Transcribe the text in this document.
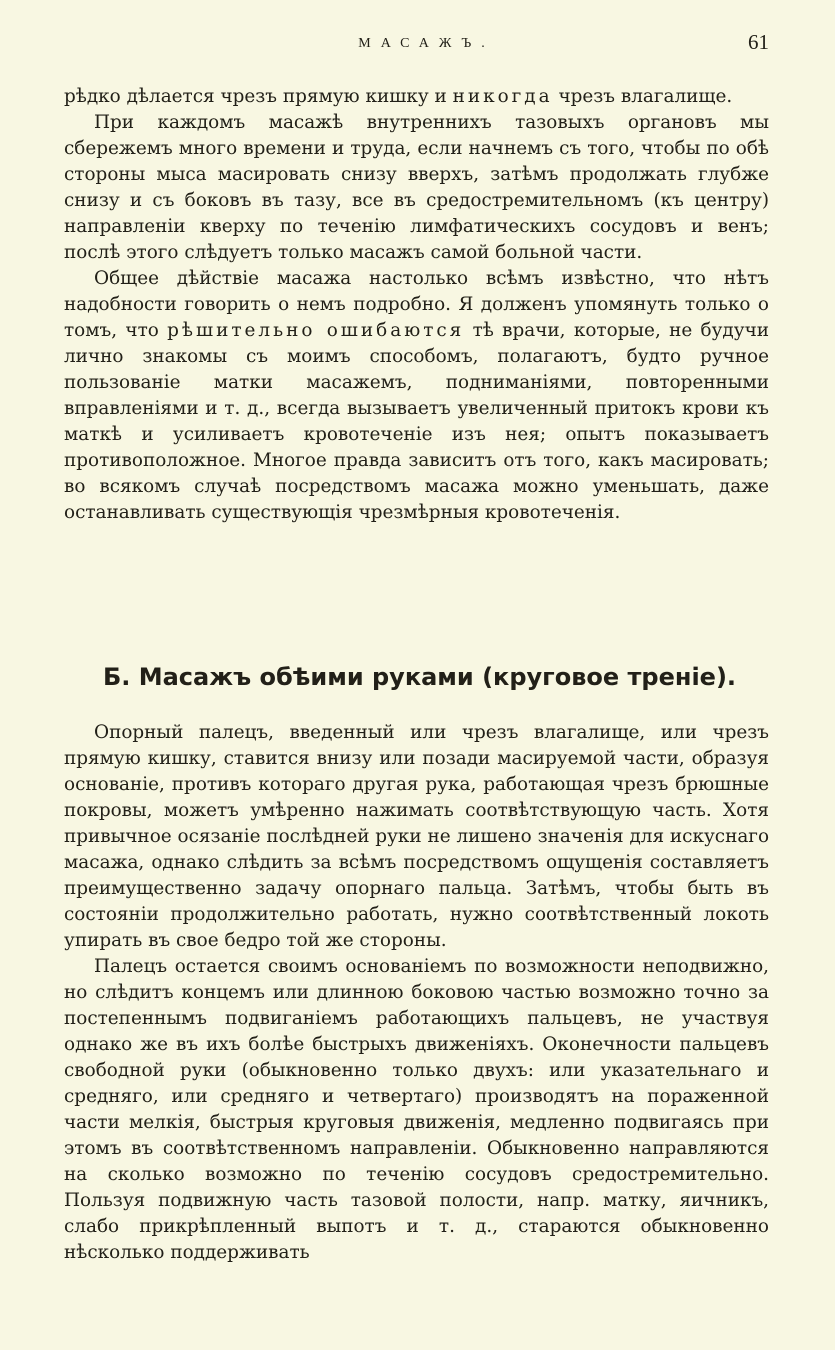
МАСАЖЪ.	61

рѣдко дѣлается чрезъ прямую кишку и никогда чрезъ влагалище.

При каждомъ масажѣ внутреннихъ тазовыхъ органовъ мы сбережемъ много времени и труда, если начнемъ съ того, чтобы по обѣ стороны мыса масировать снизу вверхъ, затѣмъ продолжать глубже снизу и съ боковъ въ тазу, все въ средостремительномъ (къ центру) направленіи кверху по теченію лимфатическихъ сосудовъ и венъ; послѣ этого слѣдуетъ только масажъ самой больной части.

Общее дѣйствіе масажа настолько всѣмъ извѣстно, что нѣтъ надобности говорить о немъ подробно. Я долженъ упомянуть только о томъ, что рѣшительно ошибаются тѣ врачи, которые, не будучи лично знакомы съ моимъ способомъ, полагаютъ, будто ручное пользованіе матки масажемъ, подниманіями, повторенными вправленіями и т. д., всегда вызываетъ увеличенный притокъ крови къ маткѣ и усиливаетъ кровотеченіе изъ нея; опытъ показываетъ противоположное. Многое правда зависитъ отъ того, какъ масировать; во всякомъ случаѣ посредствомъ масажа можно уменьшать, даже останавливать существующія чрезмѣрныя кровотеченія.

Б. Масажъ обѣими руками (круговое треніе).

Опорный палецъ, введенный или чрезъ влагалище, или чрезъ прямую кишку, ставится внизу или позади масируемой части, образуя основаніе, противъ котораго другая рука, работающая чрезъ брюшные покровы, можетъ умѣренно нажимать соотвѣтствующую часть. Хотя привычное осязаніе послѣдней руки не лишено значенія для искуснаго масажа, однако слѣдить за всѣмъ посредствомъ ощущенія составляетъ преимущественно задачу опорнаго пальца. Затѣмъ, чтобы быть въ состояніи продолжительно работать, нужно соотвѣтственный локоть упирать въ свое бедро той же стороны.

Палецъ остается своимъ основаніемъ по возможности неподвижно, но слѣдитъ концемъ или длинною боковою частью возможно точно за постепеннымъ подвиганіемъ работающихъ пальцевъ, не участвуя однако же въ ихъ болѣе быстрыхъ движеніяхъ. Оконечности пальцевъ свободной руки (обыкновенно только двухъ: или указательнаго и средняго, или средняго и четвертаго) производятъ на пораженной части мелкія, быстрыя круговыя движенія, медленно подвигаясь при этомъ въ соотвѣтственномъ направленіи. Обыкновенно направляются на сколько возможно по теченію сосудовъ средостремительно. Пользуя подвижную часть тазовой полости, напр. матку, яичникъ, слабо прикрѣпленный выпотъ и т. д., стараются обыкновенно нѣсколько поддерживать
